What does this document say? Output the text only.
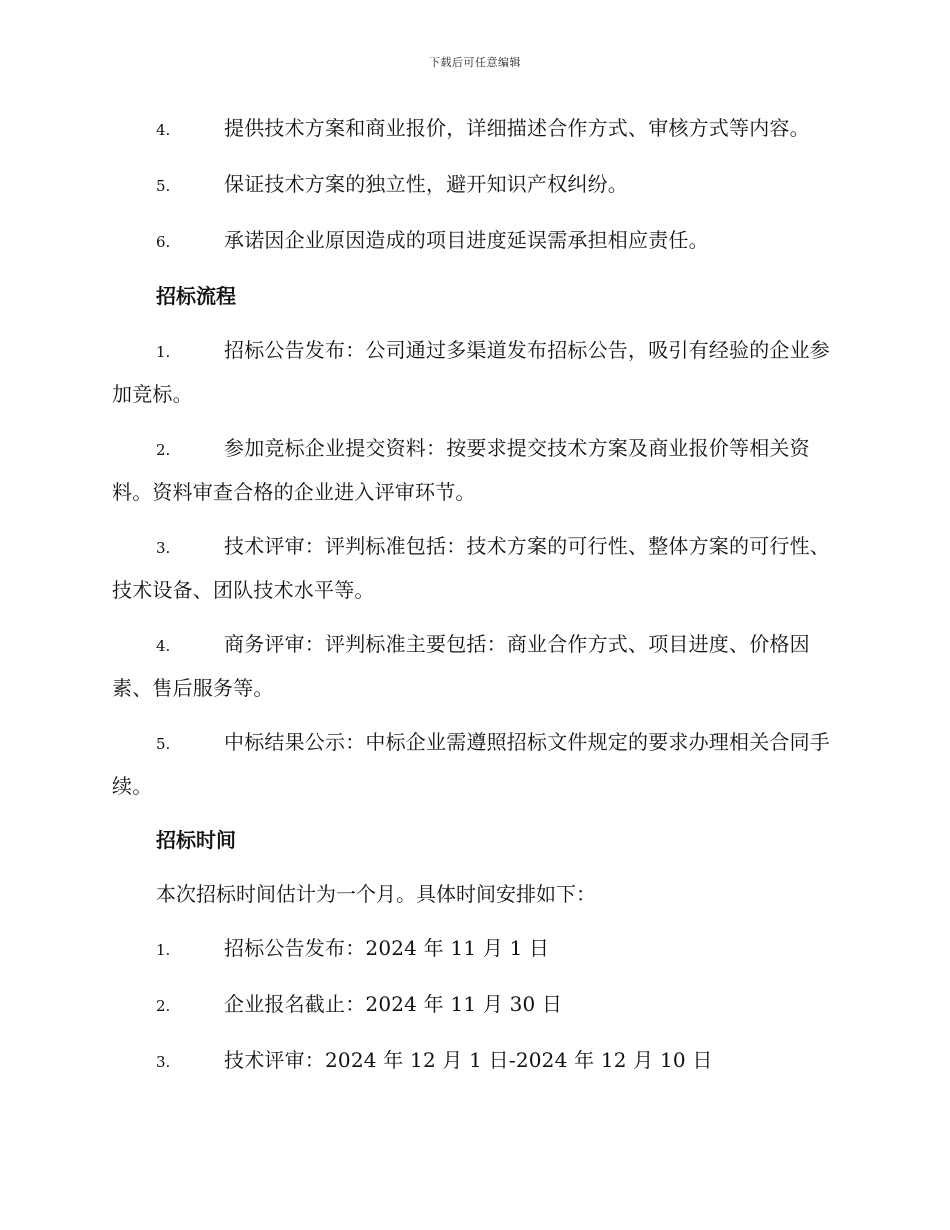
下载后可任意编辑
4.	提供技术方案和商业报价，详细描述合作方式、审核方式等内容。
5.	保证技术方案的独立性，避开知识产权纠纷。
6.	承诺因企业原因造成的项目进度延误需承担相应责任。
招标流程
1.	招标公告发布：公司通过多渠道发布招标公告，吸引有经验的企业参加竞标。
2.	参加竞标企业提交资料：按要求提交技术方案及商业报价等相关资料。资料审查合格的企业进入评审环节。
3.	技术评审：评判标准包括：技术方案的可行性、整体方案的可行性、技术设备、团队技术水平等。
4.	商务评审：评判标准主要包括：商业合作方式、项目进度、价格因素、售后服务等。
5.	中标结果公示：中标企业需遵照招标文件规定的要求办理相关合同手续。
招标时间
本次招标时间估计为一个月。具体时间安排如下：
1.	招标公告发布：2024 年 11 月 1 日
2.	企业报名截止：2024 年 11 月 30 日
3.	技术评审：2024 年 12 月 1 日-2024 年 12 月 10 日
